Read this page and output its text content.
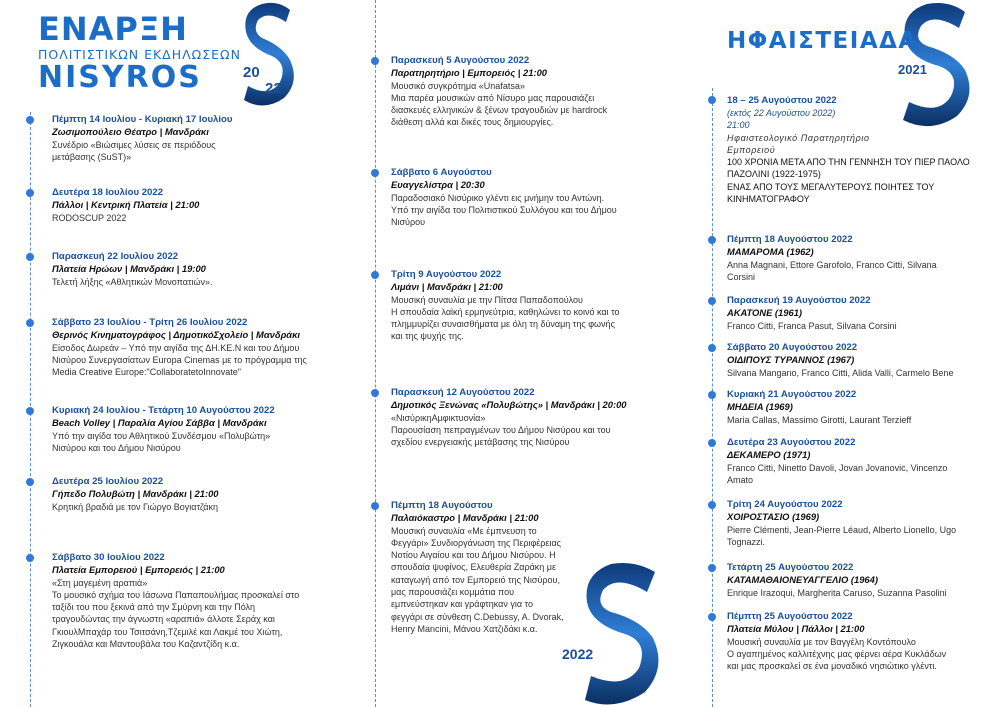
ΕΝΑΡΞΗ
ΠΟΛΙΤΙΣΤΙΚΩΝ ΕΚΔΗΛΩΣΕΩΝ
NISYROS	20
22
Πέμπτη 14 Ιουλίου - Κυριακή 17 Ιουλίου
Ζωσιμοπούλειο Θέατρο | Μανδράκι
Συνέδριο «Βιώσιμες λύσεις σε περιόδους
μετάβασης (SuST)»
Δευτέρα 18 Ιουλίου 2022
Πάλλοι | Κεντρική Πλατεία | 21:00
RODOSCUP 2022
Παρασκευή 22 Ιουλίου 2022
Πλατεία Ηρώων | Μανδράκι | 19:00
Τελετή λήξης «Αθλητικών Μονοπατιών».
Σάββατο 23 Ιουλίου - Τρίτη 26 Ιουλίου 2022
Θερινός Κινηματογράφος | ΔημοτικόΣχολείο | Μανδράκι
Είσοδος Δωρεάν – Υπό την αιγίδα της ΔΗ.ΚΕ.Ν και του Δήμου
Νισύρου Συνεργασίατων Europa Cinemas με το πρόγραμμα της
Media Creative Europe:"CollaboratetoInnovate"
Κυριακή 24 Ιουλίου - Τετάρτη 10 Αυγούστου 2022
Beach Volley | Παραλία Αγίου Σάββα | Μανδράκι
Υπό την αιγίδα του Αθλητικού Συνδέσμου «Πολυβώτη»
Νισύρου και του Δήμου Νισύρου
Δευτέρα 25 Ιουλίου 2022
Γήπεδο Πολυβώτη | Μανδράκι | 21:00
Κρητική βραδιά με τον Γιώργο Βογιατζάκη
Σάββατο 30 Ιουλίου 2022
Πλατεία Εμπορειού | Εμπορειός | 21:00
«Στη μαγεμένη αραπιά»
Το μουσικό σχήμα του Ιάσωνα Παπαπουλήμας προσκαλεί στο
ταξίδι του που ξεκινά από την Σμύρνη και την Πόλη
τραγουδώντας την άγνωστη «αραπιά» άλλοτε Σεράχ και
ΓκιουλΜπαχάρ του Τσιτσάνη,Τζεμιλέ και Λακμέ του Χιώτη,
Ζιγκουάλα και Μαντουβάλα του Καζαντζίδη κ.α.
Παρασκευή 5 Αυγούστου 2022
Παρατηρητήριο | Εμπορειός | 21:00
Μουσικό συγκρότημα «Unafatsa»
Μια παρέα μουσικών από Νίσυρο μας παρουσιάζει
διασκευές ελληνικών & ξένων τραγουδιών με hardrock
διάθεση αλλά και δικές τους δημιουργίες.
Σάββατο 6 Αυγούστου
Ευαγγελίστρα | 20:30
Παραδοσιακό Νισύρικο γλέντι εις μνήμην του Αντώνη.
Υπό την αιγίδα του Πολιτιστικού Συλλόγου και του Δήμου
Νισύρου
Τρίτη 9 Αυγούστου 2022
Λιμάνι | Μανδράκι | 21:00
Μουσική συναυλία με την Πίτσα Παπαδοπούλου
Η σπουδαία λαϊκή ερμηνεύτρια, καθηλώνει το κοινό και το
πλημμυρίζει συναισθήματα με όλη τη δύναμη της φωνής
και της ψυχής της.
Παρασκευή 12 Αυγούστου 2022
Δημοτικός Ξενώνας «Πολυβώτης» | Μανδράκι | 20:00
«ΝισύρικηΑμφικτυονία»
Παρουσίαση πεπραγμένων του Δήμου Νισύρου και του
σχεδίου ενεργειακής μετάβασης της Νισύρου
Πέμπτη 18 Αυγούστου
Παλαιόκαστρο | Μανδράκι | 21:00
Μουσική συναυλία «Με έμπνευση το
Φεγγάρι» Συνδιοργάνωση της Περιφέρειας
Νοτίου Αιγαίου και του Δήμου Νισύρου. Η
σπουδαία ψυφίνος, Ελευθερία Ζαράκη με
καταγωγή από τον Εμπορειό της Νισύρου,
μας παρουσιάζει κομμάτια που
εμπνεύστηκαν και γράφτηκαν για το
φεγγάρι σε σύνθεση C.Debussy, A. Dvorak,
Henry Mancini, Μάνου Χατζιδάκι κ.α.
2022
ΗΦΑΙΣΤΕΙΑΔΑ
2021
18 – 25 Αυγούστου 2022
(εκτός 22 Αυγούστου 2022)
21:00
Ηφαιστεολογικό Παρατηρητήριο
Εμπορειού
100 ΧΡΟΝΙΑ ΜΕΤΑ ΑΠΟ ΤΗΝ ΓΕΝΝΗΣΗ ΤΟΥ ΠΙΕΡ ΠΑΟΛΟ
ΠΑΖΟΛΙΝΙ (1922-1975)
ΕΝΑΣ ΑΠΟ ΤΟΥΣ ΜΕΓΑΛΥΤΕΡΟΥΣ ΠΟΙΗΤΕΣ ΤΟΥ
ΚΙΝΗΜΑΤΟΓΡΑΦΟΥ
Πέμπτη 18 Αυγούστου 2022
ΜΑΜΑΡΟΜΑ (1962)
Anna Magnani, Ettore Garofolo, Franco Citti, Silvana
Corsini
Παρασκευή 19 Αυγούστου 2022
ΑΚΑΤΟΝΕ (1961)
Franco Citti, Franca Pasut, Silvana Corsini
Σάββατο 20 Αυγούστου 2022
ΟΙΔΙΠΟΥΣ ΤΥΡΑΝΝΟΣ (1967)
Silvana Mangano, Franco Citti, Alida Valli, Carmelo Bene
Κυριακή 21 Αυγούστου 2022
ΜΗΔΕΙΑ (1969)
Maria Callas, Massimo Girotti, Laurant Terzieff
Δευτέρα 23 Αυγούστου 2022
ΔΕΚΑΜΕΡΟ (1971)
Franco Citti, Ninetto Davoli, Jovan Jovanovic, Vincenzo
Amato
Τρίτη 24 Αυγούστου 2022
ΧΟΙΡΟΣΤΑΣΙΟ (1969)
Pierre Clémenti, Jean-Pierre Léaud, Alberto Lionello, Ugo
Tognazzi.
Τετάρτη 25 Αυγούστου 2022
ΚΑΤΑΜΑΘΑΙΟΝΕΥΑΓΓΕΛΙΟ (1964)
Enrique Irazoqui, Margherita Caruso, Suzanna Pasolini
Πέμπτη 25 Αυγούστου 2022
Πλατεία Μύλου | Πάλλοι | 21:00
Μουσική συναυλία με τον Βαγγέλη Κοντόπουλο
Ο αγαπημένος καλλιτέχνης μας φέρνει αέρα Κυκλάδων
και μας προσκαλεί σε ένα μοναδικό νησιώτικο γλέντι.
